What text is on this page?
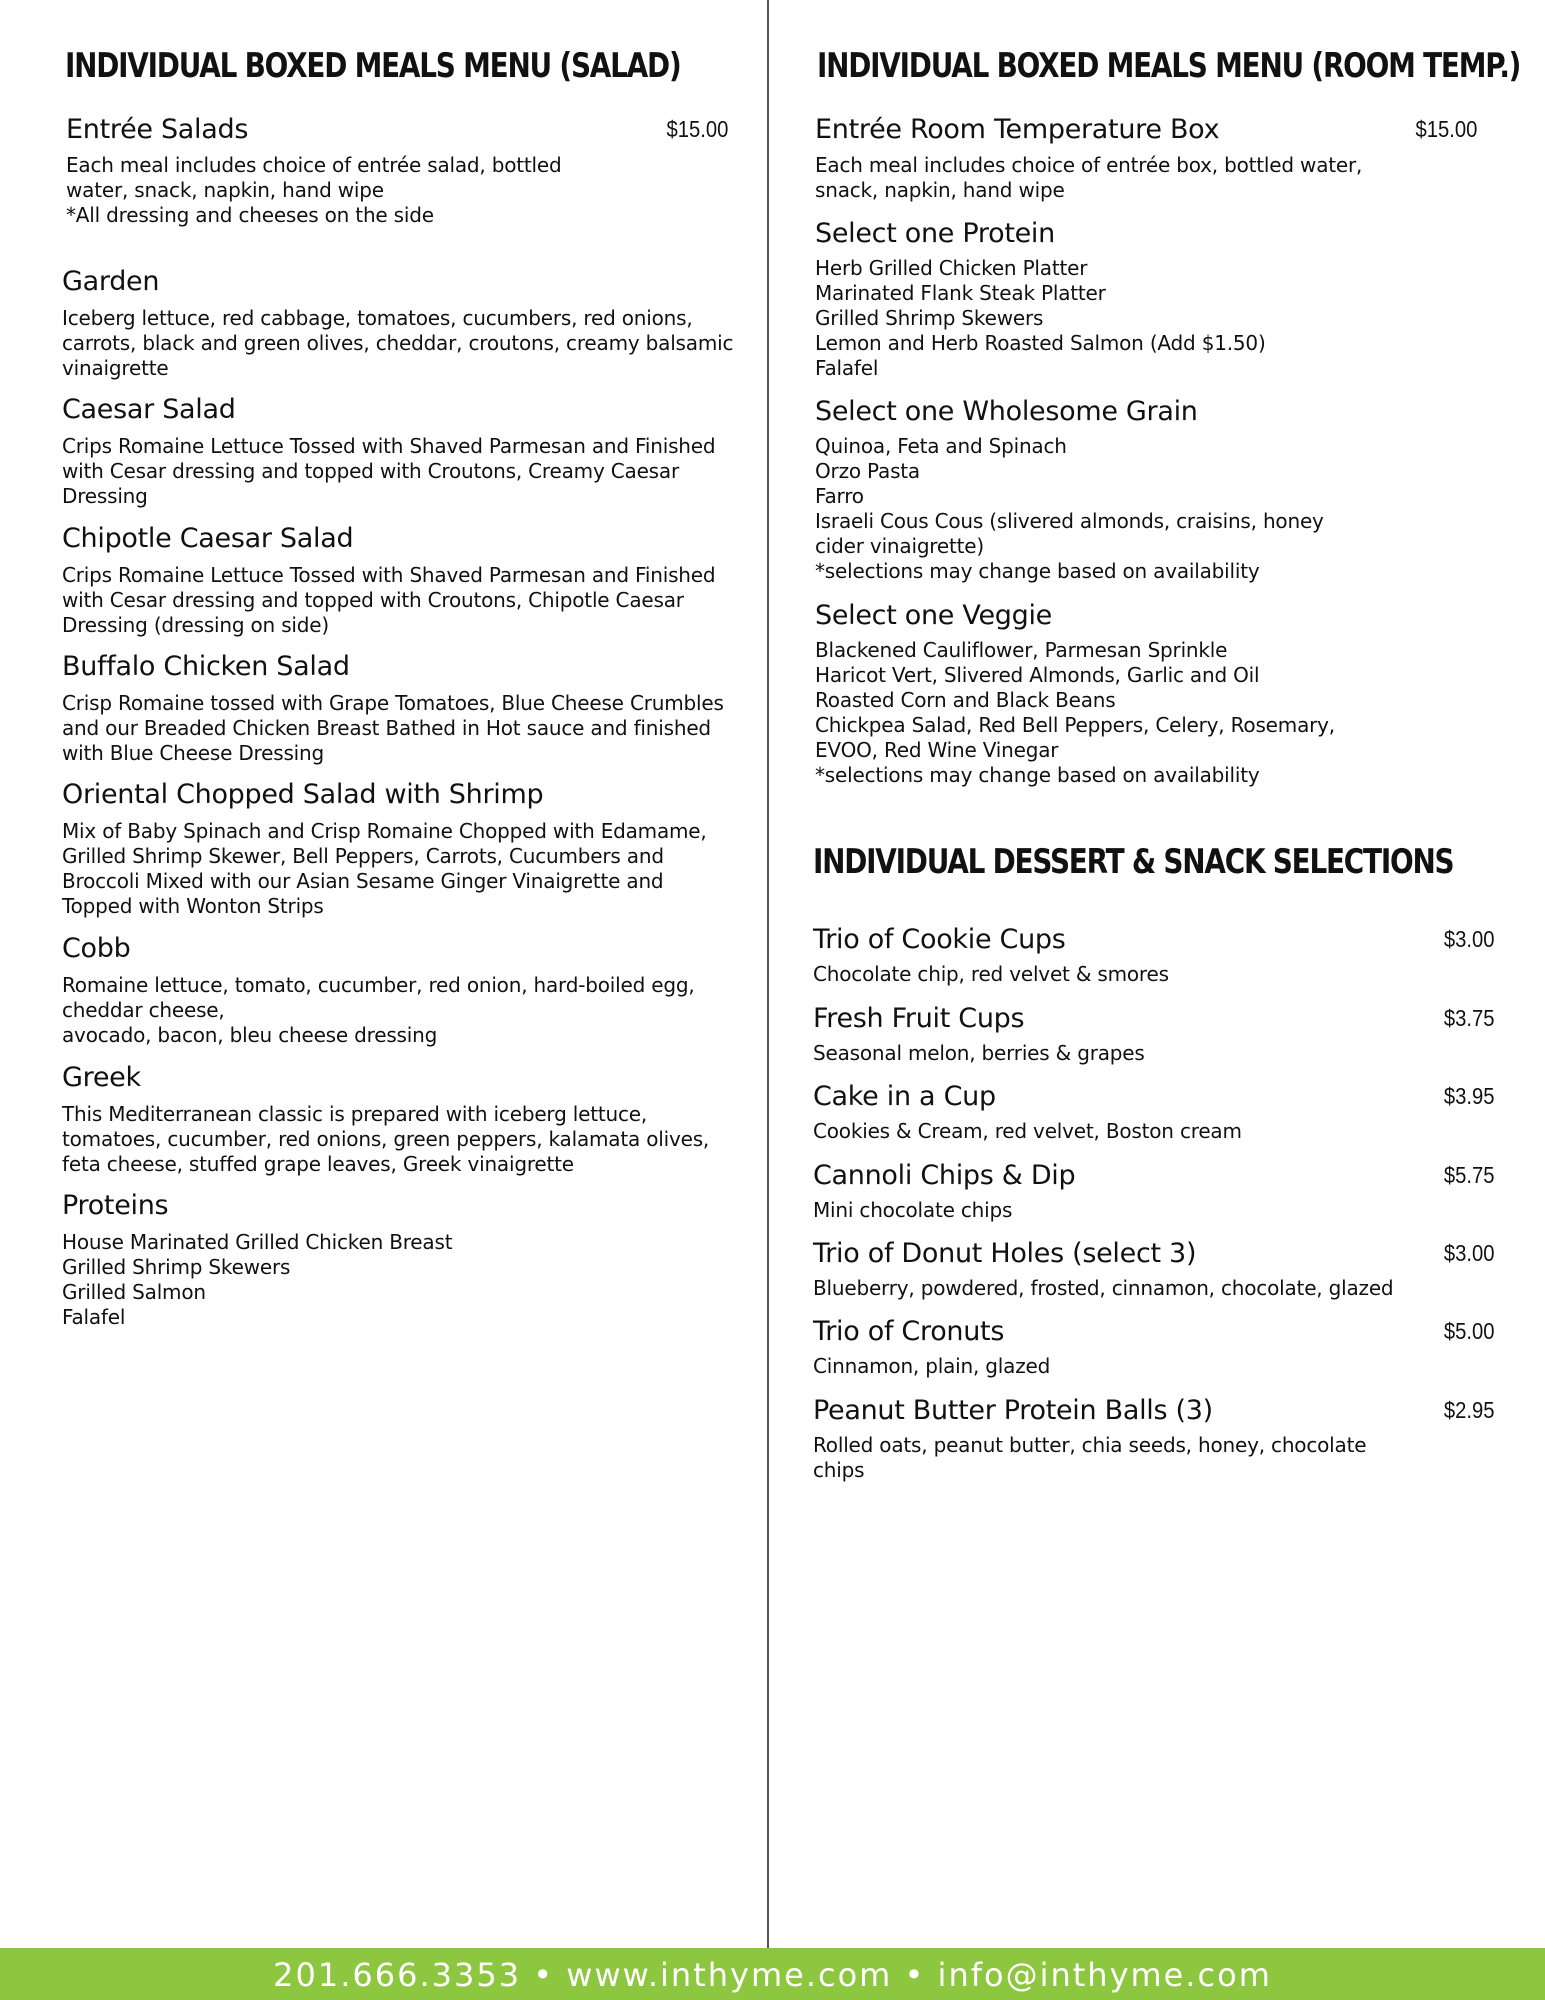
INDIVIDUAL BOXED MEALS MENU (SALAD)
Entrée Salads	$15.00
Each meal includes choice of entrée salad, bottled
water, snack, napkin, hand wipe
*All dressing and cheeses on the side
Garden
Iceberg lettuce, red cabbage, tomatoes, cucumbers, red onions,
carrots, black and green olives, cheddar, croutons, creamy balsamic
vinaigrette
Caesar Salad
Crips Romaine Lettuce Tossed with Shaved Parmesan and Finished
with Cesar dressing and topped with Croutons, Creamy Caesar
Dressing
Chipotle Caesar Salad
Crips Romaine Lettuce Tossed with Shaved Parmesan and Finished
with Cesar dressing and topped with Croutons, Chipotle Caesar
Dressing (dressing on side)
Buffalo Chicken Salad
Crisp Romaine tossed with Grape Tomatoes, Blue Cheese Crumbles
and our Breaded Chicken Breast Bathed in Hot sauce and finished
with Blue Cheese Dressing
Oriental Chopped Salad with Shrimp
Mix of Baby Spinach and Crisp Romaine Chopped with Edamame,
Grilled Shrimp Skewer, Bell Peppers, Carrots, Cucumbers and
Broccoli Mixed with our Asian Sesame Ginger Vinaigrette and
Topped with Wonton Strips
Cobb
Romaine lettuce, tomato, cucumber, red onion, hard-boiled egg,
cheddar cheese,
avocado, bacon, bleu cheese dressing
Greek
This Mediterranean classic is prepared with iceberg lettuce,
tomatoes, cucumber, red onions, green peppers, kalamata olives,
feta cheese, stuffed grape leaves, Greek vinaigrette
Proteins
House Marinated Grilled Chicken Breast
Grilled Shrimp Skewers
Grilled Salmon
Falafel
INDIVIDUAL BOXED MEALS MENU (ROOM TEMP.)
Entrée Room Temperature Box	$15.00
Each meal includes choice of entrée box, bottled water,
snack, napkin, hand wipe
Select one Protein
Herb Grilled Chicken Platter
Marinated Flank Steak Platter
Grilled Shrimp Skewers
Lemon and Herb Roasted Salmon (Add $1.50)
Falafel
Select one Wholesome Grain
Quinoa, Feta and Spinach
Orzo Pasta
Farro
Israeli Cous Cous (slivered almonds, craisins, honey
cider vinaigrette)
*selections may change based on availability
Select one Veggie
Blackened Cauliflower, Parmesan Sprinkle
Haricot Vert, Slivered Almonds, Garlic and Oil
Roasted Corn and Black Beans
Chickpea Salad, Red Bell Peppers, Celery, Rosemary,
EVOO, Red Wine Vinegar
*selections may change based on availability
INDIVIDUAL DESSERT & SNACK SELECTIONS
Trio of Cookie Cups	$3.00
Chocolate chip, red velvet & smores
Fresh Fruit Cups	$3.75
Seasonal melon, berries & grapes
Cake in a Cup	$3.95
Cookies & Cream, red velvet, Boston cream
Cannoli Chips & Dip	$5.75
Mini chocolate chips
Trio of Donut Holes (select 3)	$3.00
Blueberry, powdered, frosted, cinnamon, chocolate, glazed
Trio of Cronuts	$5.00
Cinnamon, plain, glazed
Peanut Butter Protein Balls (3)	$2.95
Rolled oats, peanut butter, chia seeds, honey, chocolate
chips
201.666.3353 • www.inthyme.com • info@inthyme.com
